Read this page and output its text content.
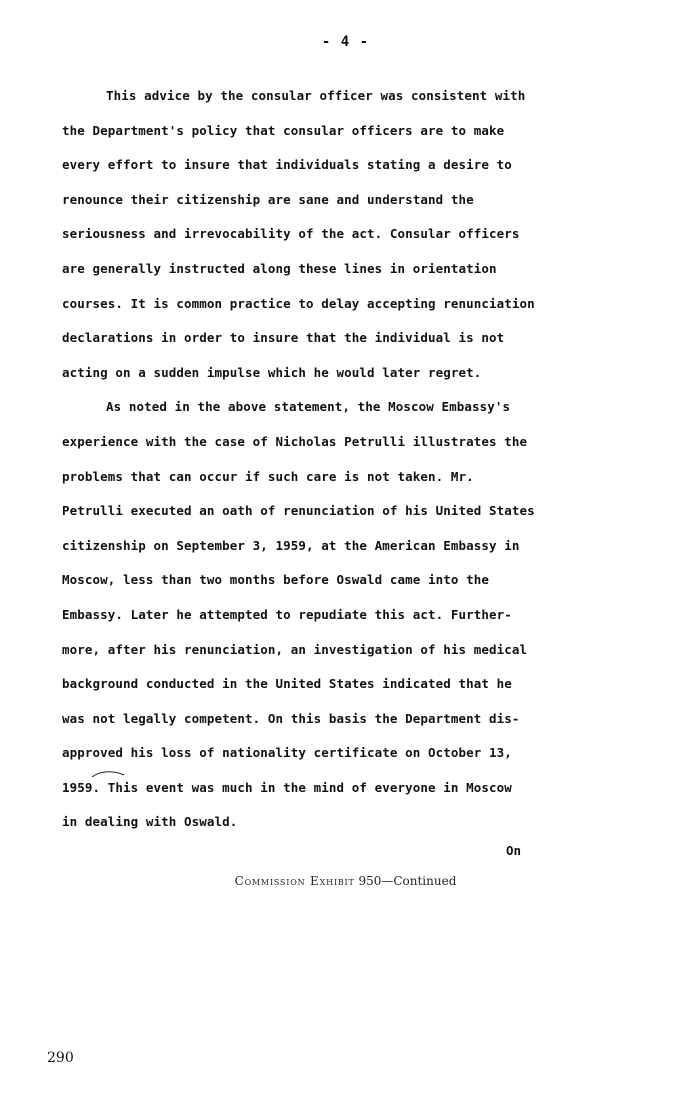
- 4 -
This advice by the consular officer was consistent with
the Department's policy that consular officers are to make
every effort to insure that individuals stating a desire to
renounce their citizenship are sane and understand the
seriousness and irrevocability of the act. Consular officers
are generally instructed along these lines in orientation
courses. It is common practice to delay accepting renunciation
declarations in order to insure that the individual is not
acting on a sudden impulse which he would later regret.
As noted in the above statement, the Moscow Embassy's
experience with the case of Nicholas Petrulli illustrates the
problems that can occur if such care is not taken. Mr.
Petrulli executed an oath of renunciation of his United States
citizenship on September 3, 1959, at the American Embassy in
Moscow, less than two months before Oswald came into the
Embassy. Later he attempted to repudiate this act. Further-
more, after his renunciation, an investigation of his medical
background conducted in the United States indicated that he
was not legally competent. On this basis the Department dis-
approved his loss of nationality certificate on October 13,
1959. This event was much in the mind of everyone in Moscow
in dealing with Oswald.
On
Commission Exhibit 950—Continued
290
